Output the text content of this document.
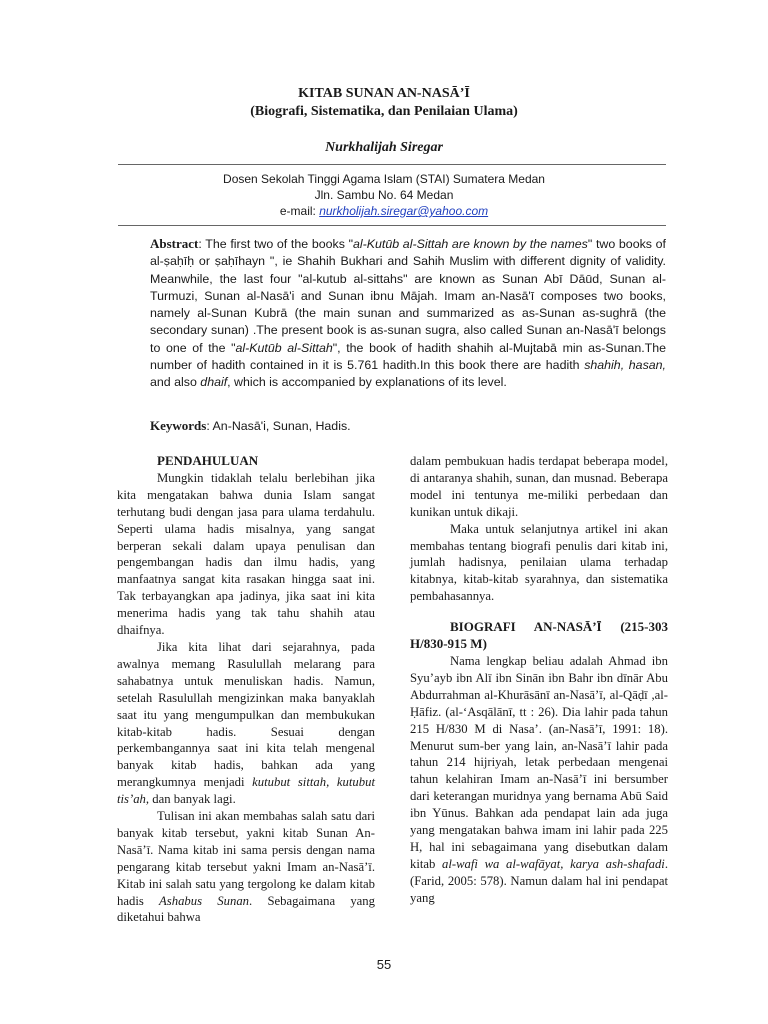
KITAB SUNAN AN-NASĀ’Ī
(Biografi, Sistematika, dan Penilaian Ulama)
Nurkhalijah Siregar
Dosen Sekolah Tinggi Agama Islam (STAI) Sumatera Medan
Jln. Sambu No. 64 Medan
e-mail: nurkholijah.siregar@yahoo.com
Abstract: The first two of the books "al-Kutūb al-Sittah are known by the names" two books of al-ṣaḥīḥ or ṣaḥīhayn ", ie Shahih Bukhari and Sahih Muslim with different dignity of validity. Meanwhile, the last four "al-kutub al-sittahs" are known as Sunan Abī Dāūd, Sunan al-Turmuzi, Sunan al-Nasā'i and Sunan ibnu Mājah. Imam an-Nasā'ī composes two books, namely al-Sunan Kubrā (the main sunan and summarized as as-Sunan as-sughrā (the secondary sunan) .The present book is as-sunan sugra, also called Sunan an-Nasā'ī belongs to one of the "al-Kutūb al-Sittah", the book of hadith shahih al-Mujtabā min as-Sunan.The number of hadith contained in it is 5.761 hadith.In this book there are hadith shahih, hasan, and also dhaif, which is accompanied by explanations of its level.
Keywords: An-Nasā'i, Sunan, Hadis.

PENDAHULUAN

Mungkin tidaklah telalu berlebihan jika kita mengatakan bahwa dunia Islam sangat terhutang budi dengan jasa para ulama terdahulu. Seperti ulama hadis misalnya, yang sangat berperan sekali dalam upaya penulisan dan pengembangan hadis dan ilmu hadis, yang manfaatnya sangat kita rasakan hingga saat ini. Tak terbayangkan apa jadinya, jika saat ini kita menerima hadis yang tak tahu shahih atau dhaifnya.

Jika kita lihat dari sejarahnya, pada awalnya memang Rasulullah melarang para sahabatnya untuk menuliskan hadis. Namun, setelah Rasulullah mengizinkan maka banyaklah saat itu yang mengumpulkan dan membukukan kitab-kitab hadis. Sesuai dengan perkembangannya saat ini kita telah mengenal banyak kitab hadis, bahkan ada yang merangkumnya menjadi kutubut sittah, kutubut tis’ah, dan banyak lagi.

Tulisan ini akan membahas salah satu dari banyak kitab tersebut, yakni kitab Sunan An-Nasā’ī. Nama kitab ini sama persis dengan nama pengarang kitab tersebut yakni Imam an-Nasā’ī. Kitab ini salah satu yang tergolong ke dalam kitab hadis Ashabus Sunan. Sebagaimana yang diketahui bahwa

dalam pembukuan hadis terdapat beberapa model, di antaranya shahih, sunan, dan musnad. Beberapa model ini tentunya me-miliki perbedaan dan kunikan untuk dikaji.

Maka untuk selanjutnya artikel ini akan membahas tentang biografi penulis dari kitab ini, jumlah hadisnya, penilaian ulama terhadap kitabnya, kitab-kitab syarahnya, dan sistematika pembahasannya.

BIOGRAFI AN-NASĀ’Ī (215-303 H/830-915 M)

Nama lengkap beliau adalah Ahmad ibn Syu’ayb ibn Alī ibn Sinān ibn Bahr ibn dīnār Abu Abdurrahman al-Khurāsānī an-Nasā’ī, al-Qāḍī ,al-Ḥāfiz. (al-‘Asqālānī, tt : 26). Dia lahir pada tahun 215 H/830 M di Nasa’. (an-Nasā’ī, 1991: 18). Menurut sum-ber yang lain, an-Nasā’ī lahir pada tahun 214 hijriyah, letak perbedaan mengenai tahun kelahiran Imam an-Nasā’ī ini bersumber dari keterangan muridnya yang bernama Abū Said ibn Yūnus. Bahkan ada pendapat lain ada juga yang mengatakan bahwa imam ini lahir pada 225 H, hal ini sebagaimana yang disebutkan dalam kitab al-wafi wa al-wafāyat, karya ash-shafadi. (Farid, 2005: 578). Namun dalam hal ini pendapat yang

55
